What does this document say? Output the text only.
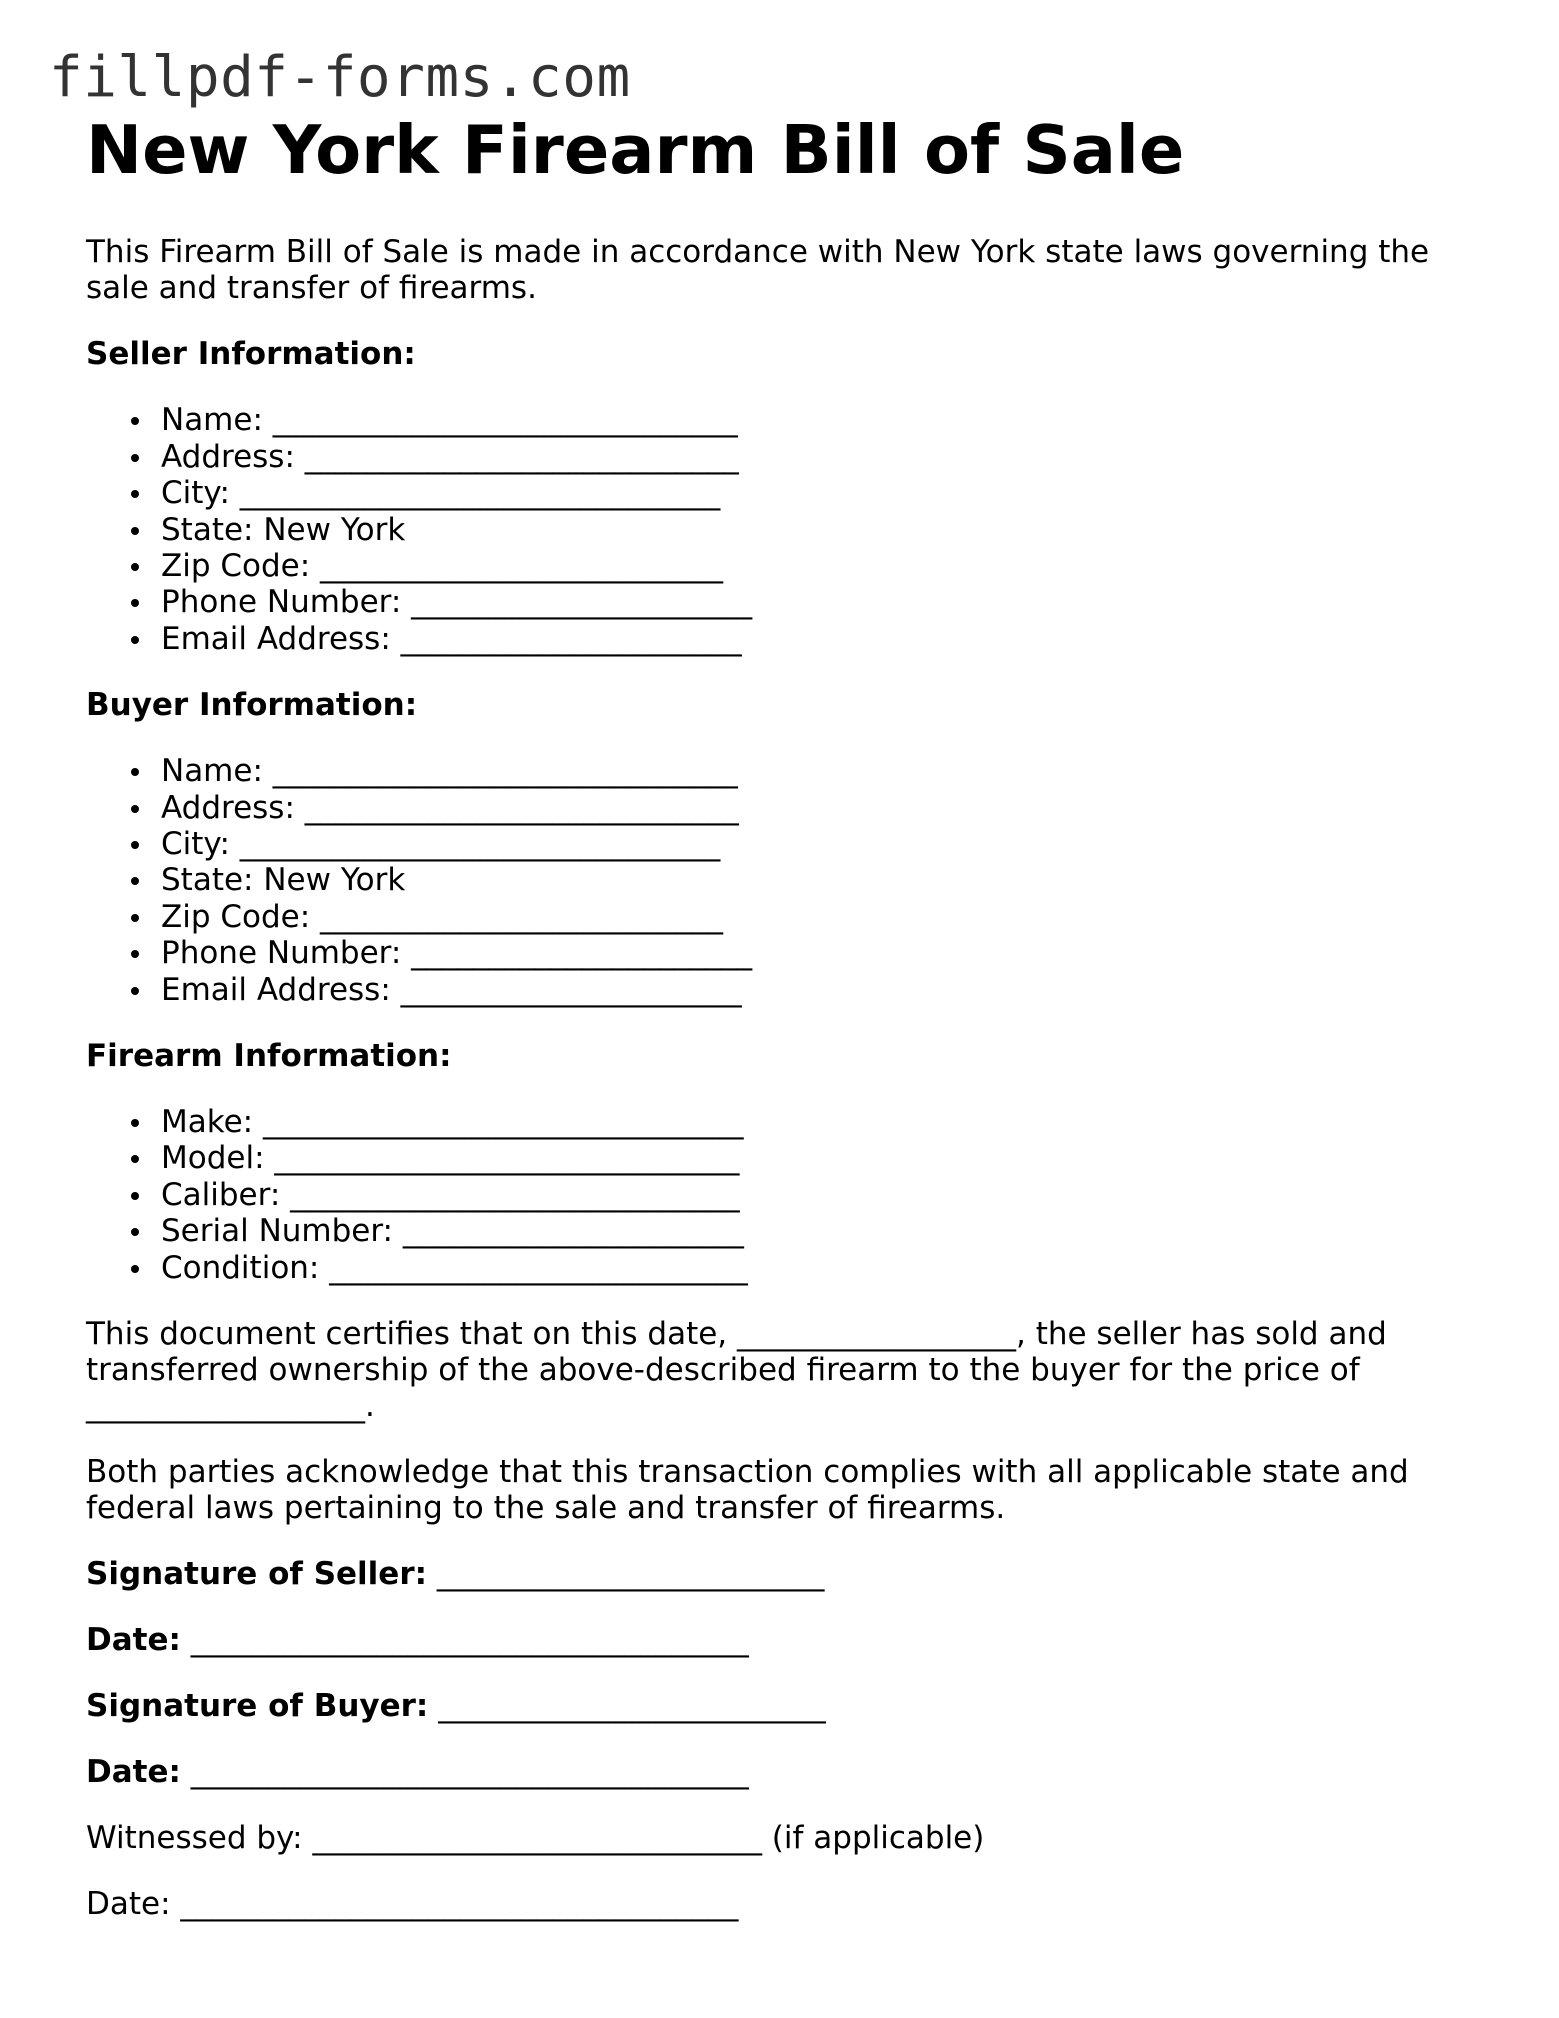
fillpdf-forms.com
New York Firearm Bill of Sale

This Firearm Bill of Sale is made in accordance with New York state laws governing the sale and transfer of firearms.

Seller Information:

Name: ______________________________
Address: ____________________________
City: _______________________________
State: New York
Zip Code: __________________________
Phone Number: ______________________
Email Address: ______________________

Buyer Information:

Name: ______________________________
Address: ____________________________
City: _______________________________
State: New York
Zip Code: __________________________
Phone Number: ______________________
Email Address: ______________________

Firearm Information:

Make: _______________________________
Model: ______________________________
Caliber: _____________________________
Serial Number: ______________________
Condition: ___________________________

This document certifies that on this date, __________________, the seller has sold and transferred ownership of the above-described firearm to the buyer for the price of __________________.

Both parties acknowledge that this transaction complies with all applicable state and federal laws pertaining to the sale and transfer of firearms.

Signature of Seller: _________________________

Date: ____________________________________

Signature of Buyer: _________________________

Date: ____________________________________

Witnessed by: _____________________________ (if applicable)

Date: ____________________________________
